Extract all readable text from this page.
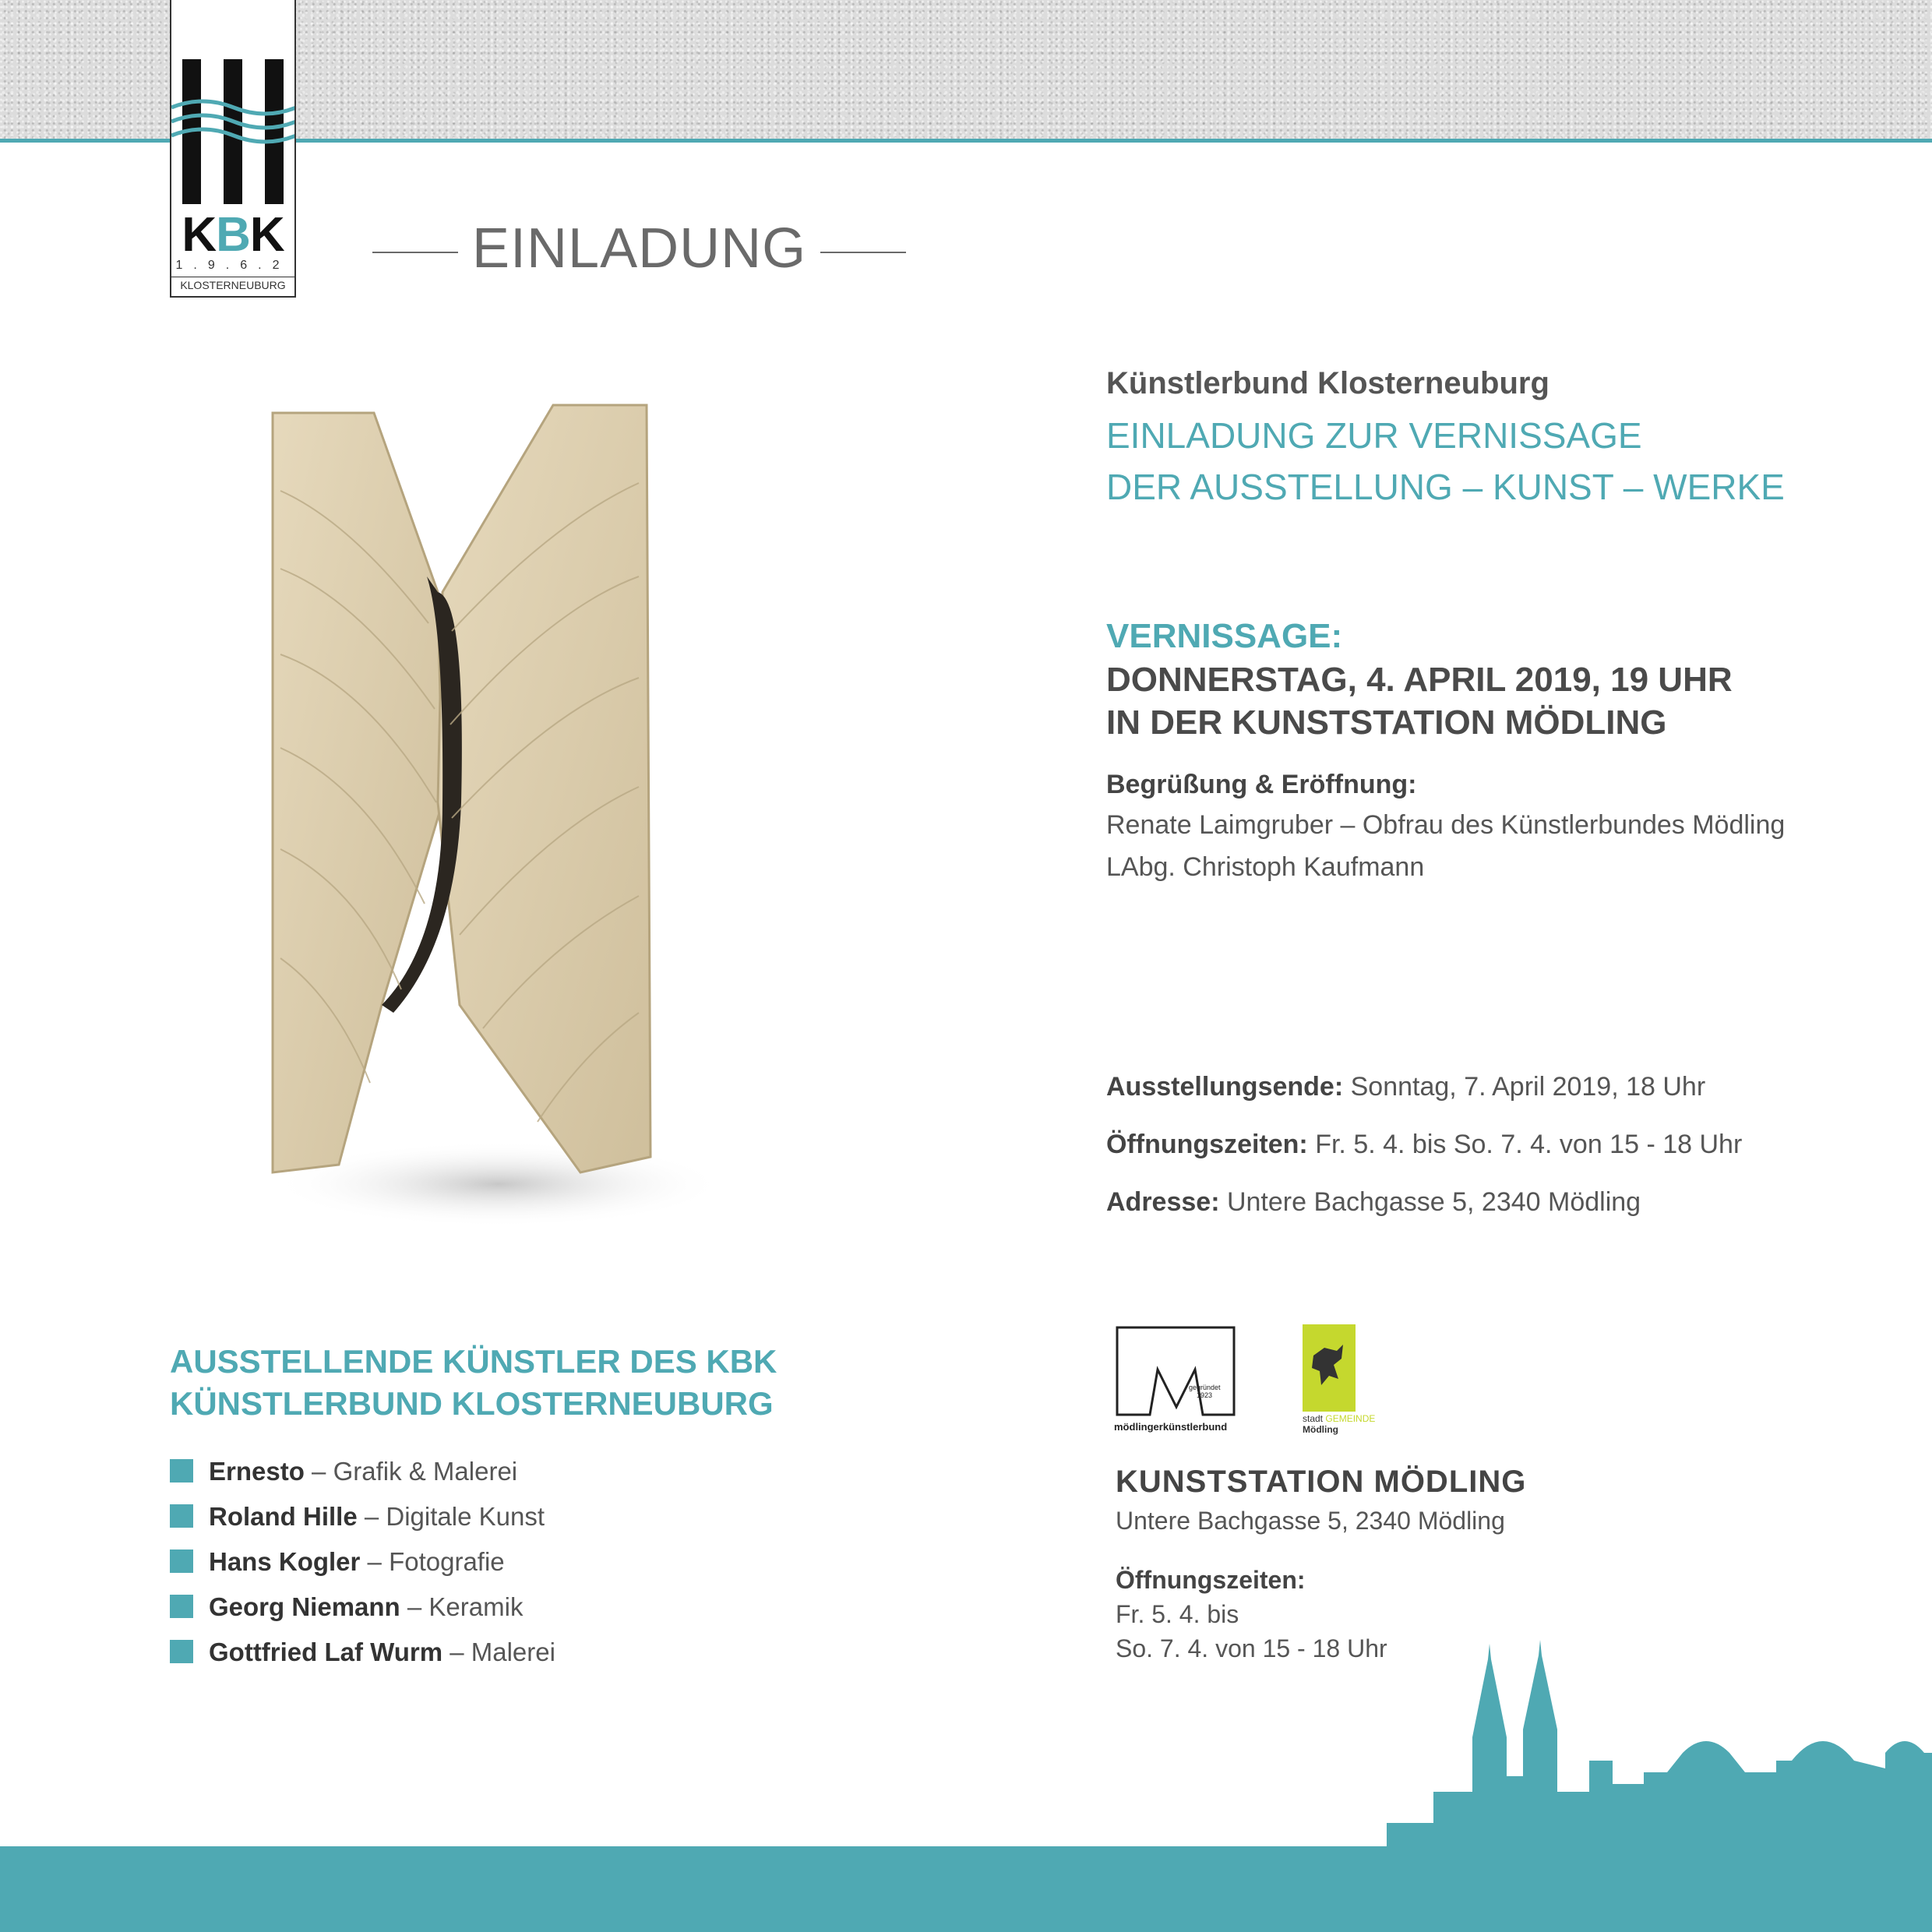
KBK
1.9.6.2
KLOSTERNEUBURG
EINLADUNG
Künstlerbund Klosterneuburg
EINLADUNG ZUR VERNISSAGE
DER AUSSTELLUNG – KUNST – WERKE
VERNISSAGE:
DONNERSTAG, 4. APRIL 2019, 19 UHR
IN DER KUNSTSTATION MÖDLING
Begrüßung & Eröffnung:
Renate Laimgruber – Obfrau des Künstlerbundes Mödling
LAbg. Christoph Kaufmann
Ausstellungsende: Sonntag, 7. April 2019, 18 Uhr
Öffnungszeiten: Fr. 5. 4. bis So. 7. 4. von 15 - 18 Uhr
Adresse: Untere Bachgasse 5, 2340 Mödling
gegründet 1923
mödlingerkünstlerbund
stadt GEMEINDE
Mödling
KUNSTSTATION MÖDLING
Untere Bachgasse 5, 2340 Mödling
Öffnungszeiten:
Fr. 5. 4. bis
So. 7. 4. von 15 - 18 Uhr
AUSSTELLENDE KÜNSTLER DES KBK
KÜNSTLERBUND KLOSTERNEUBURG
Ernesto – Grafik & Malerei
Roland Hille – Digitale Kunst
Hans Kogler – Fotografie
Georg Niemann – Keramik
Gottfried Laf Wurm – Malerei
